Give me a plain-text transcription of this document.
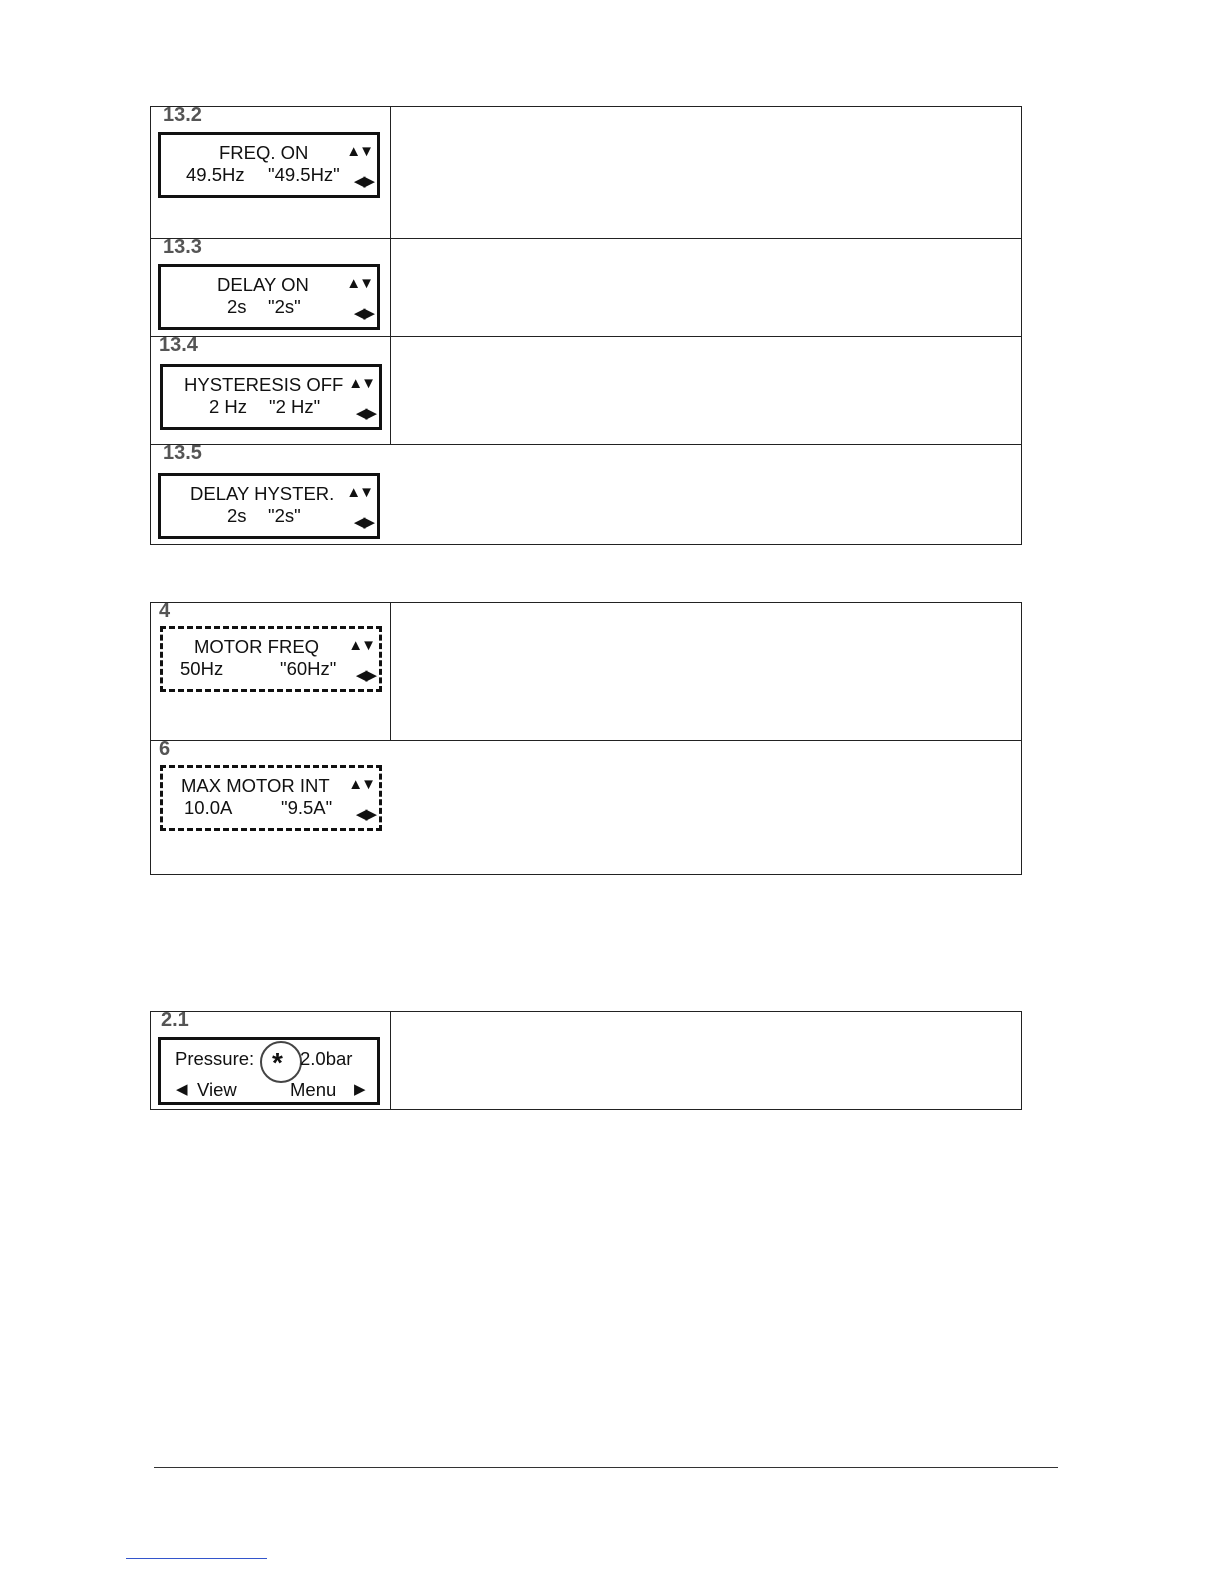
13.2
FREQ. ON
49.5Hz "49.5Hz"
▲▼
◀▶
13.3
DELAY ON
2s "2s"
▲▼
◀▶
13.4
HYSTERESIS OFF
2 Hz "2 Hz"
▲▼
◀▶
13.5
DELAY HYSTER.
2s "2s"
▲▼
◀▶
4
MOTOR FREQ
50Hz	"60Hz"
▲▼
◀▶
6
MAX MOTOR INT
10.0A	"9.5A"
▲▼
◀▶
2.1
Pressure: * 2.0bar
◀ View	Menu ▶
